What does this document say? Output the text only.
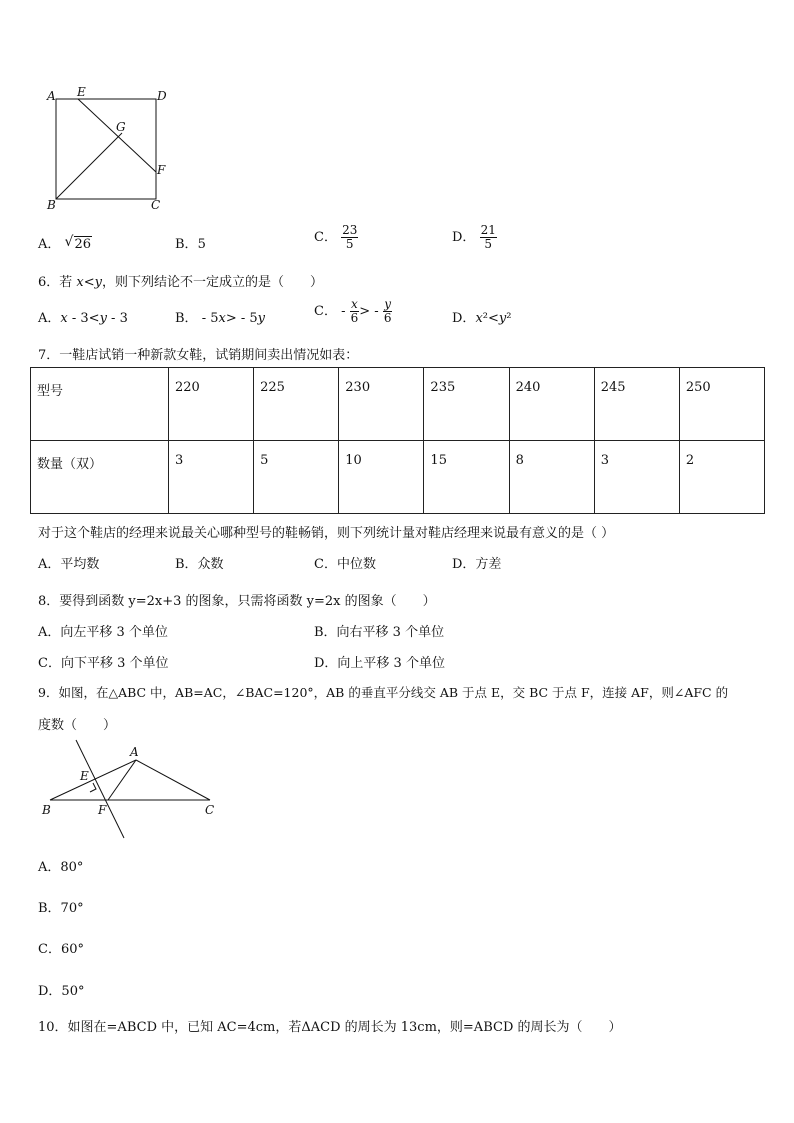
A E	D
G
F
B	C
A． √ 26	B．5	C． $\frac{23}{5}$	D． $\frac{21}{5}$
6．若 x<y，则下列结论不一定成立的是（　　）
A．x - 3<y - 3	B． - 5x> - 5y	C． - $\frac{x}{6}$ > - $\frac{y}{6}$	D．x²<y²
7．一鞋店试销一种新款女鞋，试销期间卖出情况如表：
型号	220	225	230	235	240	245	250
数量（双）	3	5	10	15	8	3	2
对于这个鞋店的经理来说最关心哪种型号的鞋畅销，则下列统计量对鞋店经理来说最有意义的是（ ）
A．平均数	B．众数	C．中位数	D．方差
8．要得到函数 y=2x+3 的图象，只需将函数 y=2x 的图象（　　）
A．向左平移 3 个单位	B．向右平移 3 个单位
C．向下平移 3 个单位	D．向上平移 3 个单位
9．如图，在△ABC 中，AB=AC，∠BAC=120°，AB 的垂直平分线交 AB 于点 E，交 BC 于点 F，连接 AF，则∠AFC 的
度数（　　）
A
E
B	F	C
A．80°
B．70°
C．60°
D．50°
10．如图在=ABCD 中，已知 AC=4cm，若ΔACD 的周长为 13cm，则=ABCD 的周长为（　　）
